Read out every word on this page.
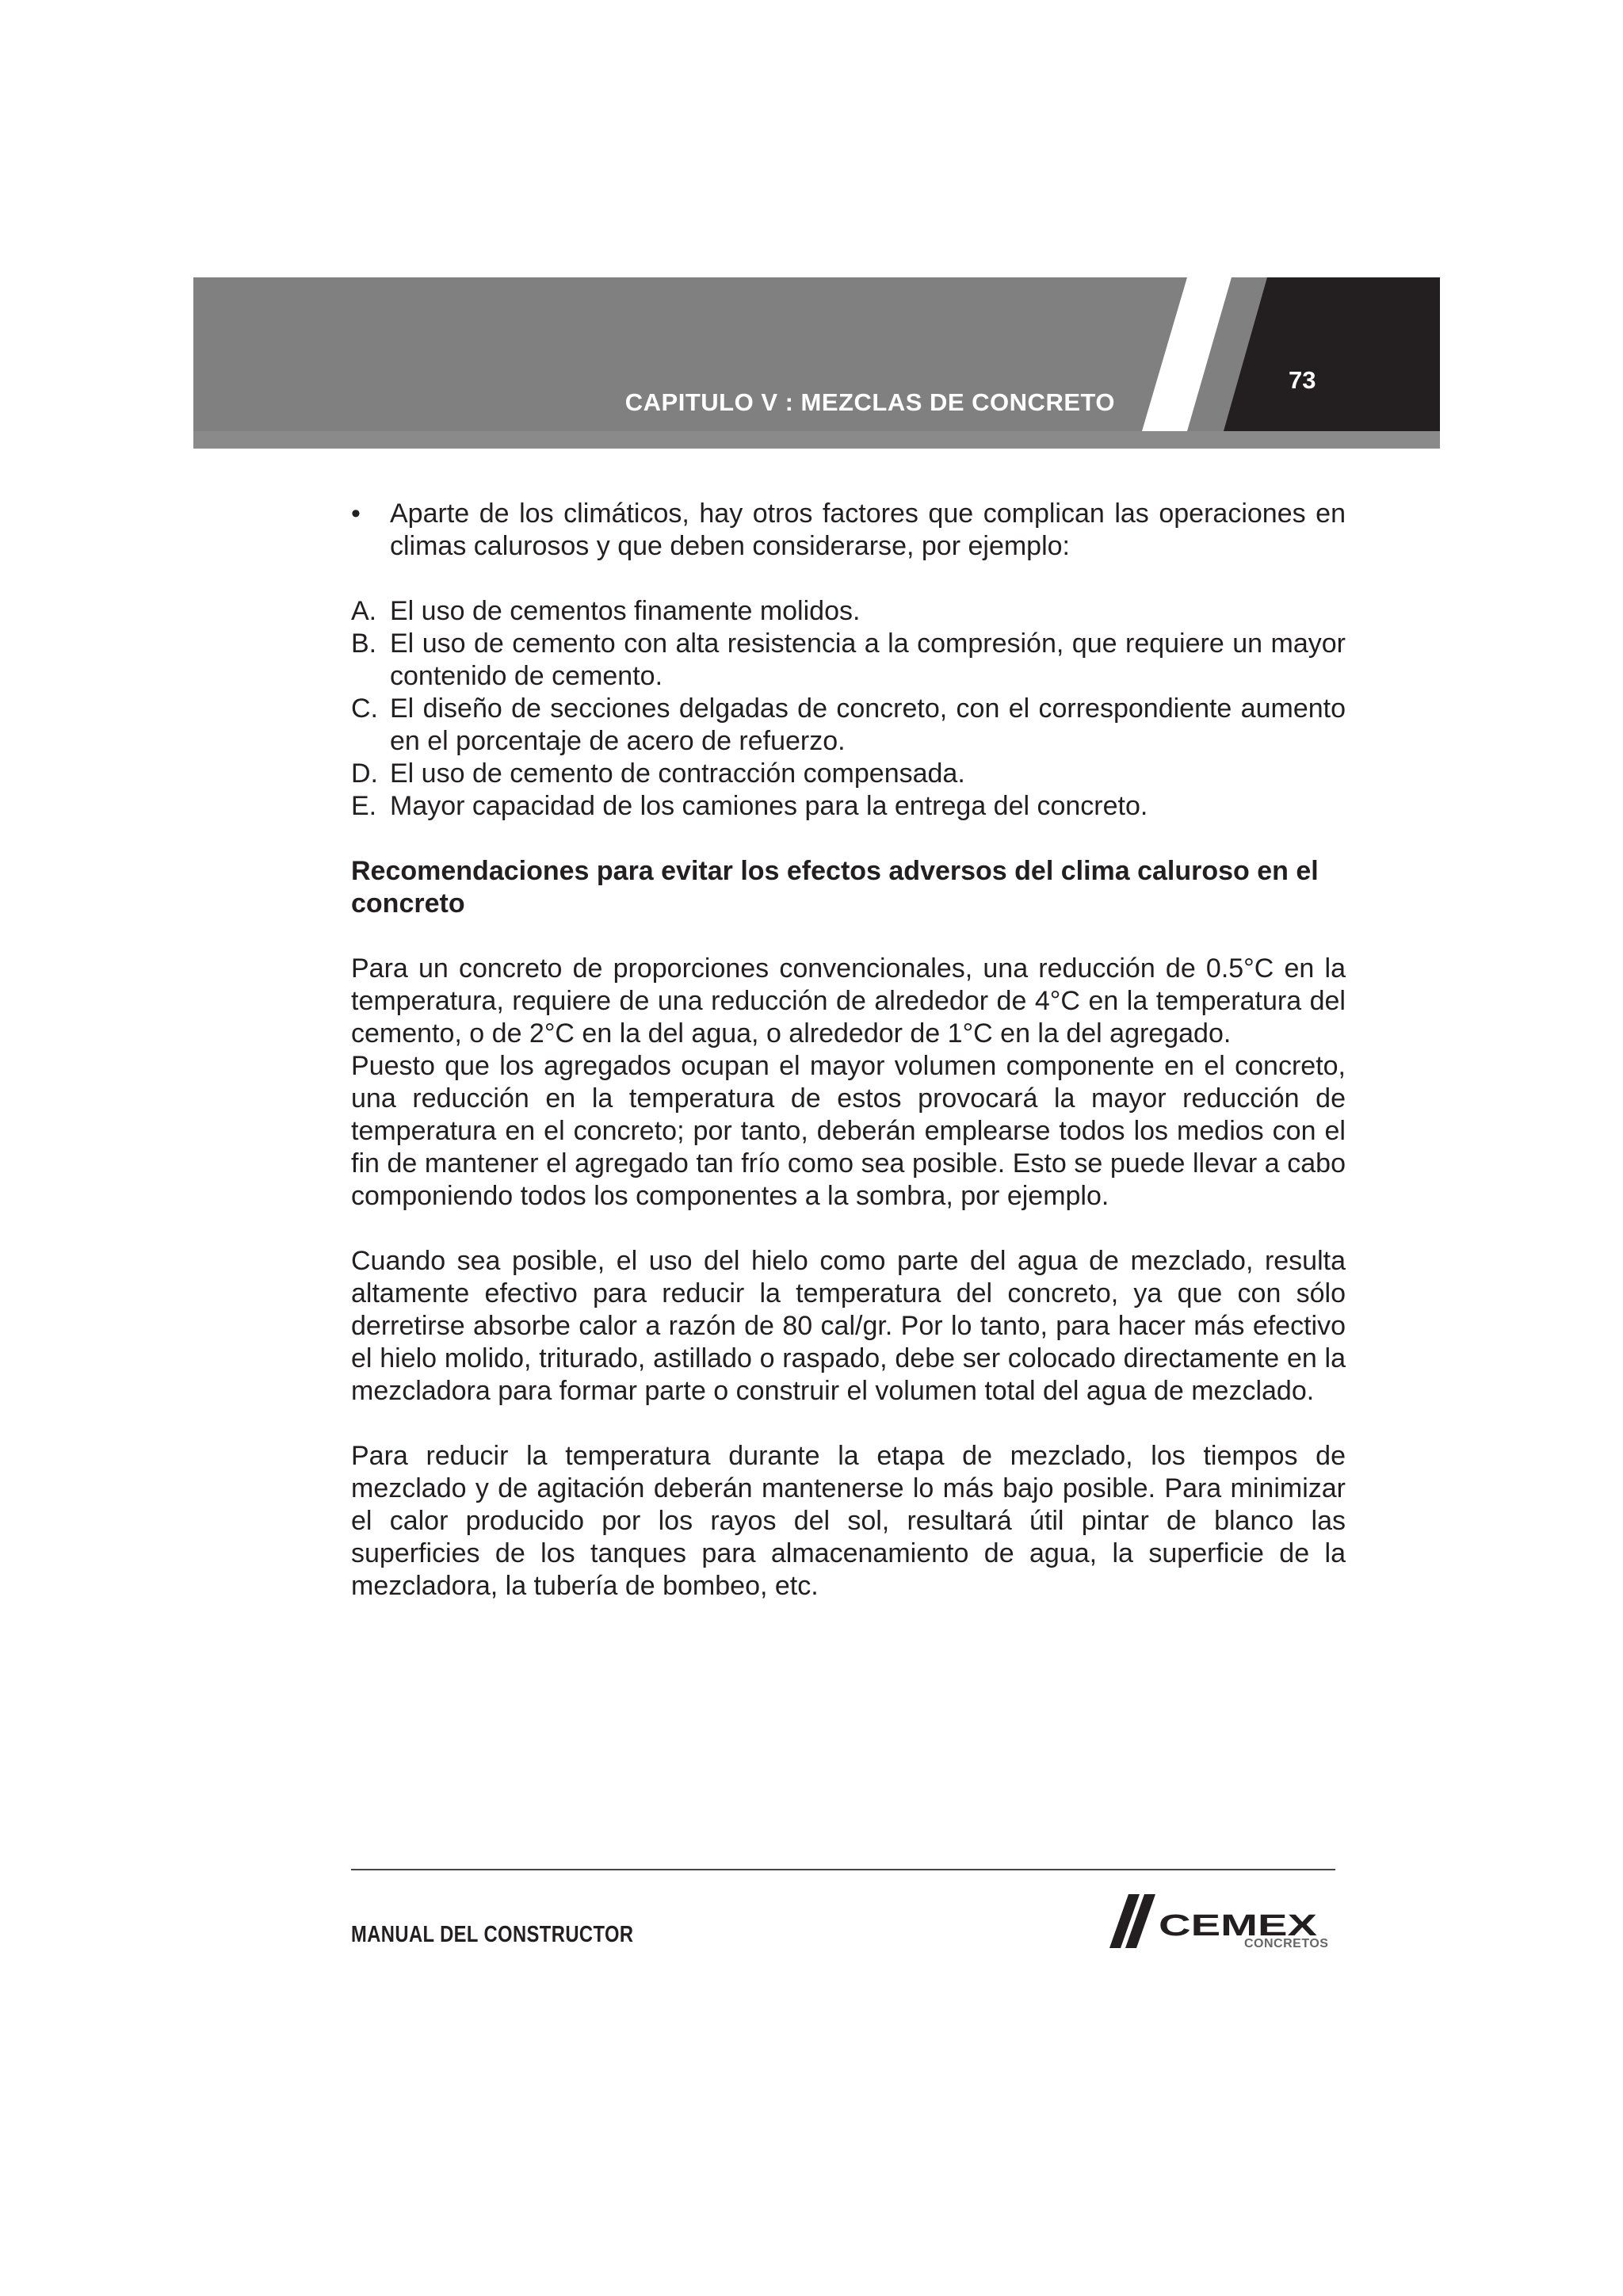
CAPITULO V : MEZCLAS DE CONCRETO
73
•	Aparte de los climáticos, hay otros factores que complican las operaciones en climas calurosos y que deben considerarse, por ejemplo:
A. El uso de cementos finamente molidos.
B. El uso de cemento con alta resistencia a la compresión, que requiere un mayor contenido de cemento.
C. El diseño de secciones delgadas de concreto, con el correspondiente aumento en el porcentaje de acero de refuerzo.
D. El uso de cemento de contracción compensada.
E. Mayor capacidad de los camiones para la entrega del concreto.
Recomendaciones para evitar los efectos adversos del clima caluroso en el concreto

Para un concreto de proporciones convencionales, una reducción de 0.5°C en la temperatura, requiere de una reducción de alrededor de 4°C en la temperatura del cemento, o de 2°C en la del agua, o alrededor de 1°C en la del agregado.

Puesto que los agregados ocupan el mayor volumen componente en el concreto, una reducción en la temperatura de estos provocará la mayor reducción de temperatura en el concreto; por tanto, deberán emplearse todos los medios con el fin de mantener el agregado tan frío como sea posible. Esto se puede llevar a cabo componiendo todos los componentes a la sombra, por ejemplo.

Cuando sea posible, el uso del hielo como parte del agua de mezclado, resulta altamente efectivo para reducir la temperatura del concreto, ya que con sólo derretirse absorbe calor a razón de 80 cal/gr. Por lo tanto, para hacer más efectivo el hielo molido, triturado, astillado o raspado, debe ser colocado directamente en la mezcladora para formar parte o construir el volumen total del agua de mezclado.

Para reducir la temperatura durante la etapa de mezclado, los tiempos de mezclado y de agitación deberán mantenerse lo más bajo posible. Para minimizar el calor producido por los rayos del sol, resultará útil pintar de blanco las superficies de los tanques para almacenamiento de agua, la superficie de la mezcladora, la tubería de bombeo, etc.

MANUAL DEL CONSTRUCTOR	CEMEX
CONCRETOS
